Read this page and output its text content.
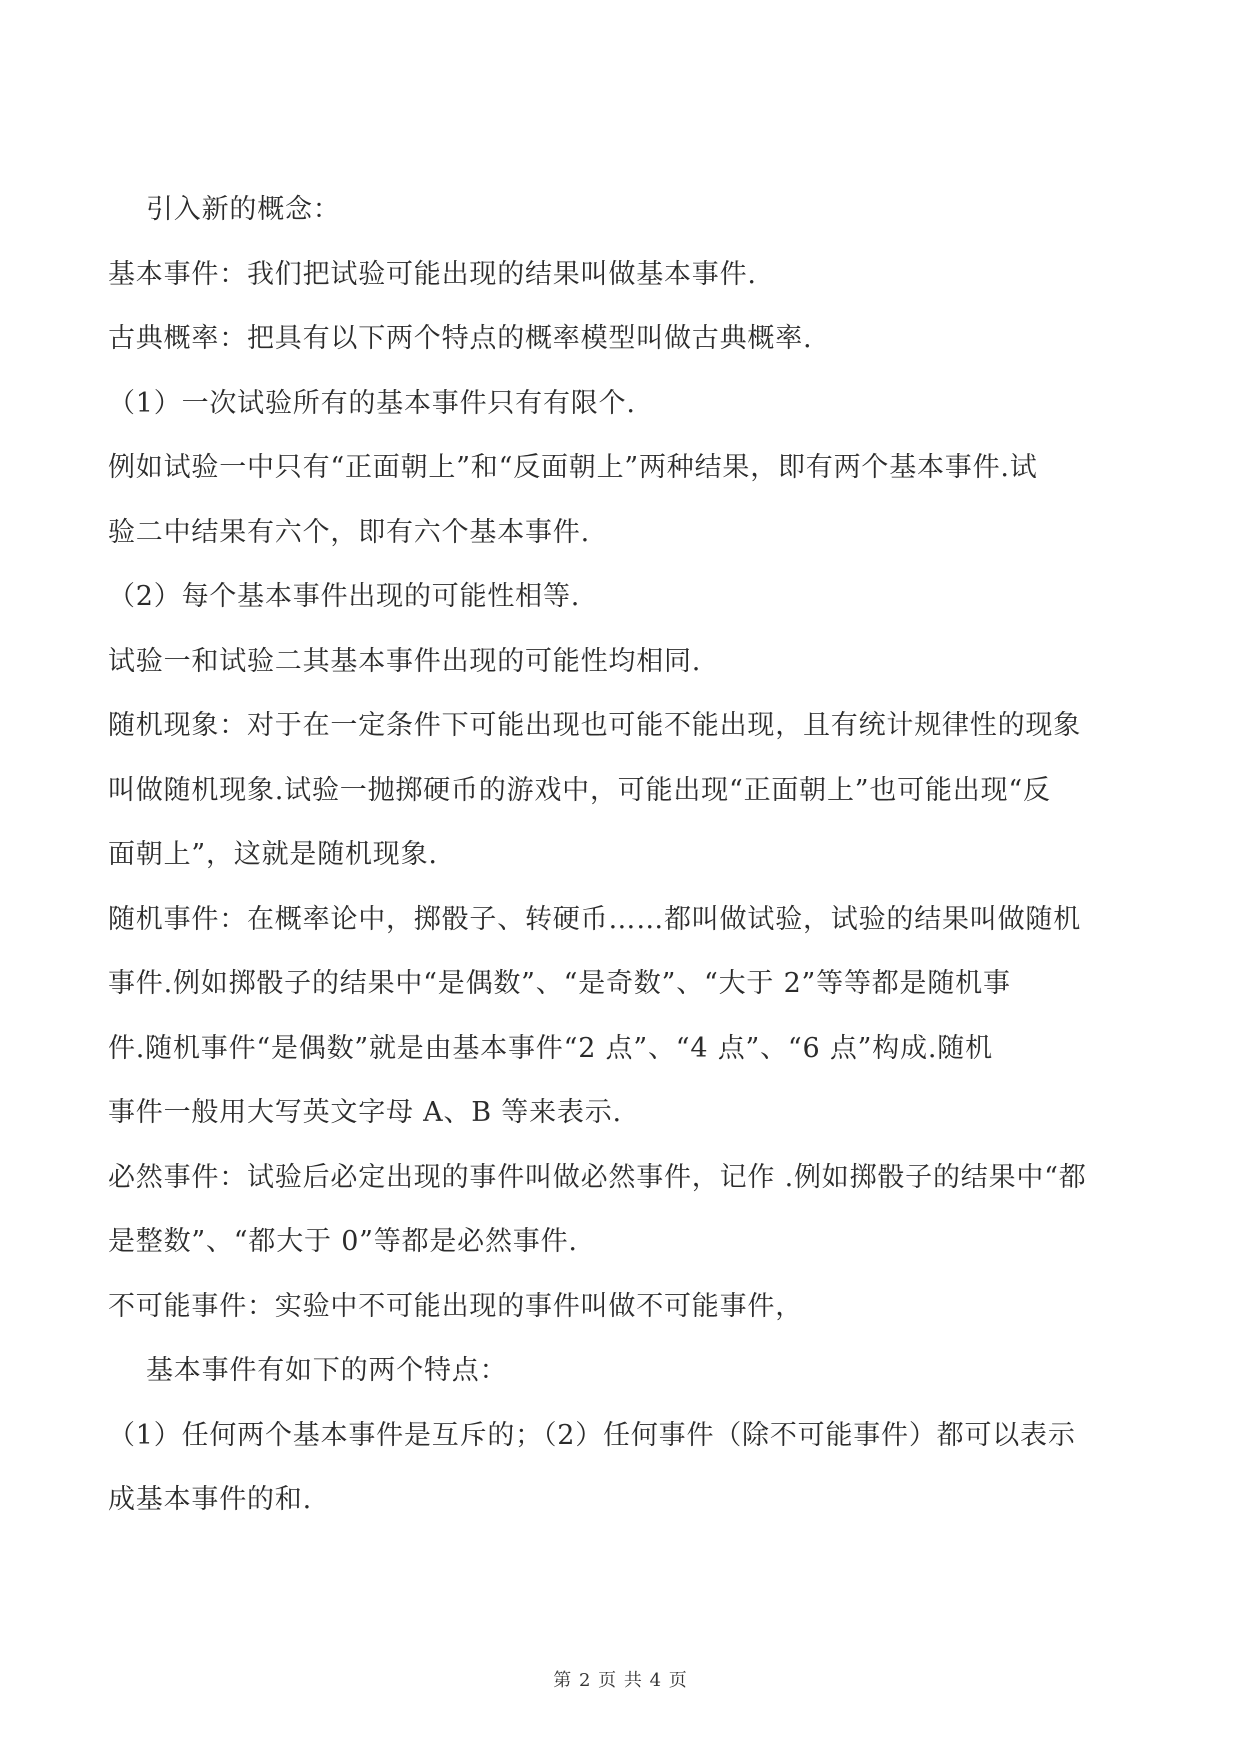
引入新的概念：
基本事件：我们把试验可能出现的结果叫做基本事件.
古典概率：把具有以下两个特点的概率模型叫做古典概率.
（1）一次试验所有的基本事件只有有限个.
例如试验一中只有“正面朝上”和“反面朝上”两种结果，即有两个基本事件.试
验二中结果有六个，即有六个基本事件.
（2）每个基本事件出现的可能性相等.
试验一和试验二其基本事件出现的可能性均相同.
随机现象：对于在一定条件下可能出现也可能不能出现，且有统计规律性的现象
叫做随机现象.试验一抛掷硬币的游戏中，可能出现“正面朝上”也可能出现“反
面朝上”，这就是随机现象.
随机事件：在概率论中，掷骰子、转硬币……都叫做试验，试验的结果叫做随机
事件.例如掷骰子的结果中“是偶数”、“是奇数”、“大于 2”等等都是随机事
件.随机事件“是偶数”就是由基本事件“2 点”、“4 点”、“6 点”构成.随机
事件一般用大写英文字母 A、B 等来表示.
必然事件：试验后必定出现的事件叫做必然事件，记作 .例如掷骰子的结果中“都
是整数”、“都大于 0”等都是必然事件.
不可能事件：实验中不可能出现的事件叫做不可能事件，
基本事件有如下的两个特点：
（1）任何两个基本事件是互斥的；（2）任何事件（除不可能事件）都可以表示
成基本事件的和.
第 2 页 共 4 页
